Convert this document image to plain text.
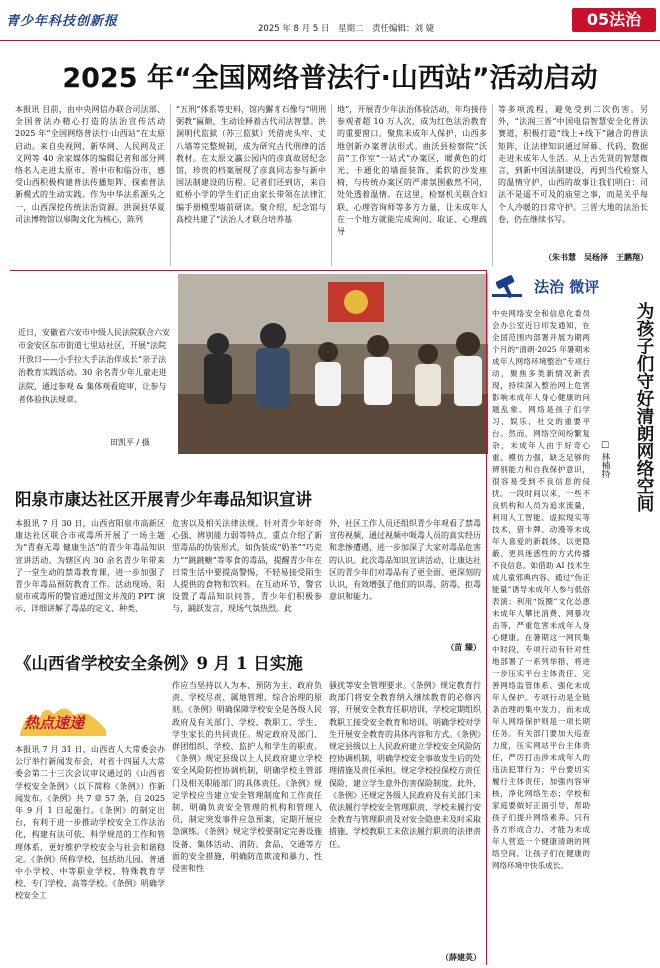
青少年科技创新报	2025 年 8 月 5 日　星期二　责任编辑：刘 婕	05法治
2025 年“全国网络普法行·山西站”活动启动
本报讯 目前，由中央网信办联合司法部、全国普法办精心打造的法治宣传活动 2025 年“全国网络普法行·山西站”在太原启动。来自央视网、新华网、人民网及正义网等 40 余家媒体的编辑记者和部分网络名人走进太原市、晋中市和临汾市，感受山西积极构建普法传播矩阵、探索普法新模式的生动实践。作为中华法系源头之一，山西深挖传统法治资源。洪洞县华夏司法博物馆以皋陶文化为核心，陈列
“五刑”体系等史料，馆内獬豸石像与“明刑弼教”匾额，生动诠释着古代司法智慧。洪洞明代监狱（苏三监狱）凭借虎头牢、丈八墙等完整规制，成为研究古代刑律的活教材。在太原文瀛公园内的彦真故居纪念馆，珍贵的档案展现了彦真同志参与新中国法制建设的历程。记者们还到访，来自虹桥小学的学生们正由家长带领在法律汇编手册模型墙前研读。聚介绍，纪念馆与高校共建了“法治人才联合培养基
地”，开展青少年法治体验活动，年均接待参观者超 10 万人次，成为红色法治教育的重要窗口。聚焦未成年人保护，山西多地创新办案普法形式。曲沃县检察院“沃苗”工作室“一站式”办案区，暖黄色的灯光、卡通化的墙面装饰、柔软的沙发座椅，与传统办案区的严肃氛围截然不同，处处透着温情。在这里，检察机关联合妇联、心理咨询师等多方力量，让未成年人在一个地方就能完成询问、取证、心理疏导
等多项流程，避免受到二次伤害。另外，“法润三晋”中国电信智慧安全化普法赛道，积极打造“线上+线下”融合的普法矩阵，让法律知识通过屏幕、代码、数据走进未成年人生活。从上古先贤的智慧微言，到新中国法制建设，再到当代检察人的温情守护，山西的故事让我们明白：司法不是遥不可及的庙堂之事，而是关乎每个人冷暖的日常守护。三晋大地的法治长卷，仍在继续书写。
（朱书慧　吴杨泽　王鹏翔）
近日，安徽省六安市中级人民法院联合六安市金安区东市街道七里站社区，开展“法院开放日——小手拉大手法治伴成长”亲子法治教育实践活动。30 余名青少年儿童走进法院，通过参观 & 集体观看庭审，让参与者体验执法规章。
田凯平 / 摄
阳泉市康达社区开展青少年毒品知识宣讲
本报讯 7 月 30 日，山西省阳泉市高新区康达社区联合市戒毒所开展了一场主题为“青春无毒 健康生活”的青少年毒品知识宣讲活动。为辖区内 30 余名青少年带来了一堂生动的禁毒教育课，进一步加强了青少年毒品预防教育工作。活动现场，阳泉市戒毒所的警官通过图文并茂的 PPT 演示，详细讲解了毒品的定义、种类、
危害以及相关法律法规。针对青少年好奇心强、辨别能力弱等特点，重点介绍了新型毒品的伪装形式，如伪装成“奶茶”“巧克力”“跳跳糖”等零食的毒品，提醒青少年在日常生活中要提高警惕，不轻易接受陌生人提供的食物和饮料。在互动环节，警官设置了毒品知识问答，青少年们积极参与，踊跃发言，现场气氛热烈。此
外，社区工作人员还组织青少年观看了禁毒宣传视频，通过视频中吸毒人员的真实经历和悲惨遭遇，进一步加深了大家对毒品危害的认识。此次毒品知识宣讲活动，让康达社区的青少年们对毒品有了更全面、更深刻的认识，有效增强了他们的识毒、防毒、拒毒意识和能力。
（苗 臻）
《山西省学校安全条例》9 月 1 日实施
热点速递
本报讯 7 月 31 日，山西省人大常委会办公厅举行新闻发布会，对省十四届人大常委会第二十三次会议审议通过的《山西省学校安全条例》（以下简称《条例》）作新闻发布。《条例》共 7 章 57 条，自 2025 年 9 月 1 日起施行。《条例》的制定出台，有利于进一步推动学校安全工作法治化，构建有法可依、科学规范的工作和管理体系，更好维护学校安全与社会和谐稳定。《条例》所称学校，包括幼儿园、普通中小学校、中等职业学校、特殊教育学校、专门学校、高等学校。《条例》明确学校安全工
作应当坚持以人为本、预防为主、政府负责、学校尽责、属地管理、综合治理的原则。《条例》明确保障学校安全是各级人民政府及有关部门、学校、教职工、学生、学生家长的共同责任。规定政府及部门、群团组织、学校、监护人和学生的职责。《条例》规定县级以上人民政府建立学校安全风险防控协调机制，明确学校主管部门及相关职能部门的具体责任。《条例》规定学校应当建立安全管理制度和工作责任制，明确负责安全管理的机构和管理人员，制定突发事件应急预案，定期开展应急演练。《条例》规定学校要制定完善设施设备、集体活动、消防、食品、交通等方面的安全措施，明确防范欺凌和暴力、性侵害和性
骚扰等安全管理要求。《条例》规定教育行政部门将安全教育纳入继续教育的必修内容，开展安全教育任职培训，学校定期组织教职工接受安全教育和培训。明确学校对学生开展安全教育的具体内容和方式。《条例》规定县级以上人民政府建立学校安全风险防控协调机制，明确学校安全事故发生后的处理措施及责任承担。规定学校投保校方责任保险，建立学生意外伤害保险制度。此外，《条例》还规定各级人民政府及有关部门未依法履行学校安全管理职责、学校未履行安全教育与管理职责及对安全隐患未及时采取措施、学校教职工未依法履行职责的法律责任。
（薛建英）
法治 微评
为孩子们守好清朗网络空间
□ 林楠特
中央网络安全和信息化委员会办公室近日印发通知，在全国范围内部署开展为期两个月的“清朗·2025 年暑期未成年人网络环境整治”专项行动，聚焦多类新情况新表现，持续深入整治网上危害影响未成年人身心健康的问题乱象。网络是孩子们学习、娱乐、社交的重要平台。然而，网络空间纷繁复杂，未成年人由于好奇心重、模仿力强，缺乏足够的辨别能力和自我保护意识，很容易受到不良信息的侵扰。一段时间以来，一些不良机构和人员为追求流量，利用人工智能、虚拟现实等技术，借卡牌、动漫等未成年人喜爱的新载体，以更隐蔽、更具迷惑性的方式传播不良信息。如借助 AI 技术生成儿童邪典内容、通过“伪正能量”诱导未成年人参与低俗表演；利用“饭圈”文化怂恿未成年人攀比消费、网暴攻击等，严重危害未成年人身心健康。在暑期这一网民集中时段，专项行动有针对性地部署了一系列举措，将进一步压实平台主体责任、完善网络监管体系、强化未成年人保护。专项行动是全链条治理的集中发力，而未成年人网络保护则是一项长期任务。有关部门要加大巡查力度，压实网站平台主体责任，严厉打击涉未成年人的违法犯罪行为；平台要切实履行主体责任，加强内容审核，净化网络生态；学校和家庭要做好正面引导，帮助孩子们提升网络素养。只有各方形成合力，才能为未成年人营造一个健康清朗的网络空间，让孩子们在健康的网络环境中快乐成长。
